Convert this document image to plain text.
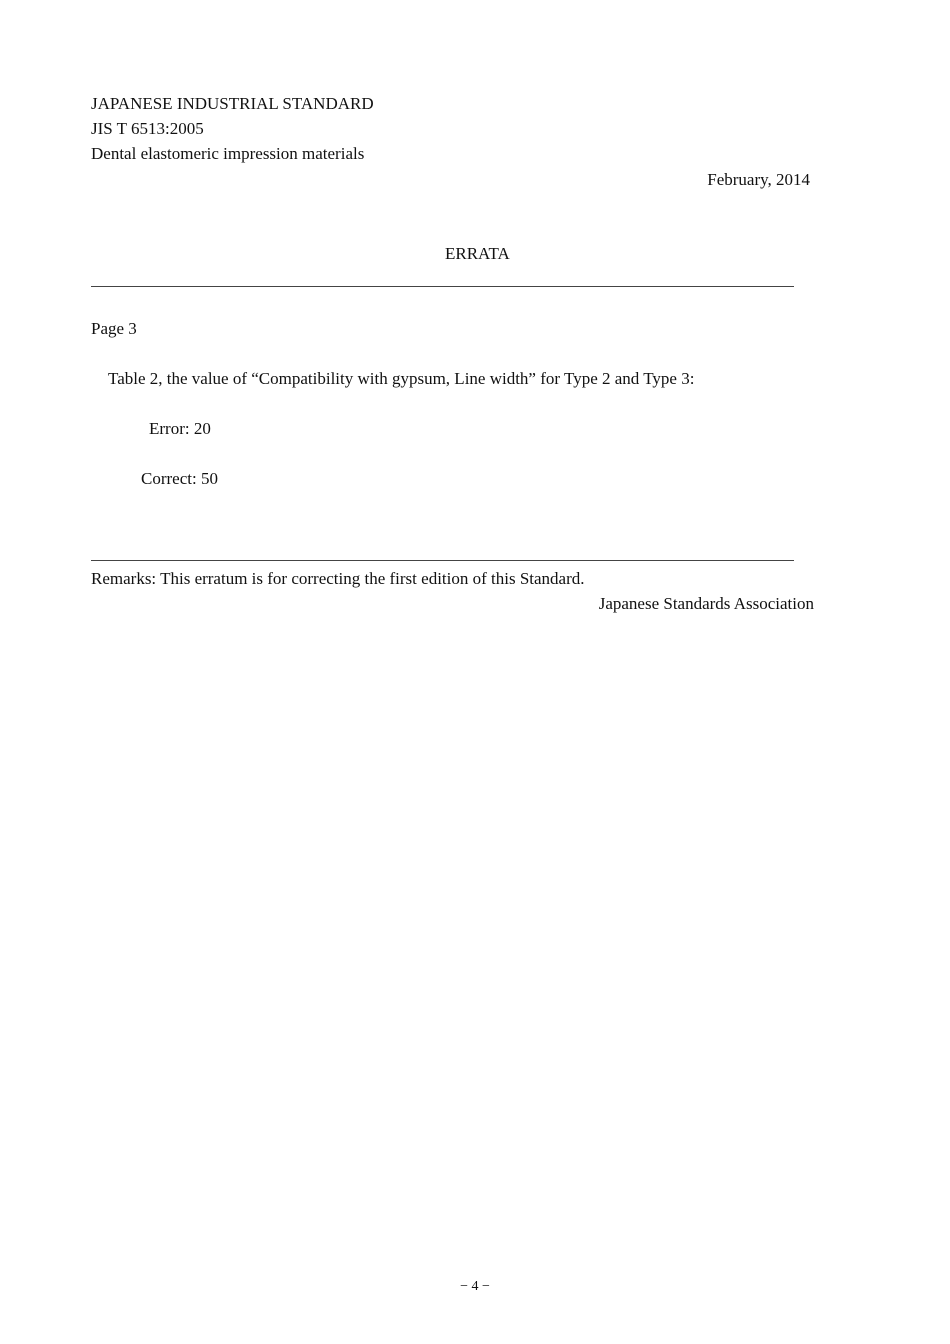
JAPANESE INDUSTRIAL STANDARD
JIS T 6513:2005
Dental elastomeric impression materials
February, 2014
ERRATA
Page 3
Table 2, the value of “Compatibility with gypsum, Line width” for Type 2 and Type 3:
Error: 20
Correct: 50
Remarks: This erratum is for correcting the first edition of this Standard.
Japanese Standards Association
− 4 −
